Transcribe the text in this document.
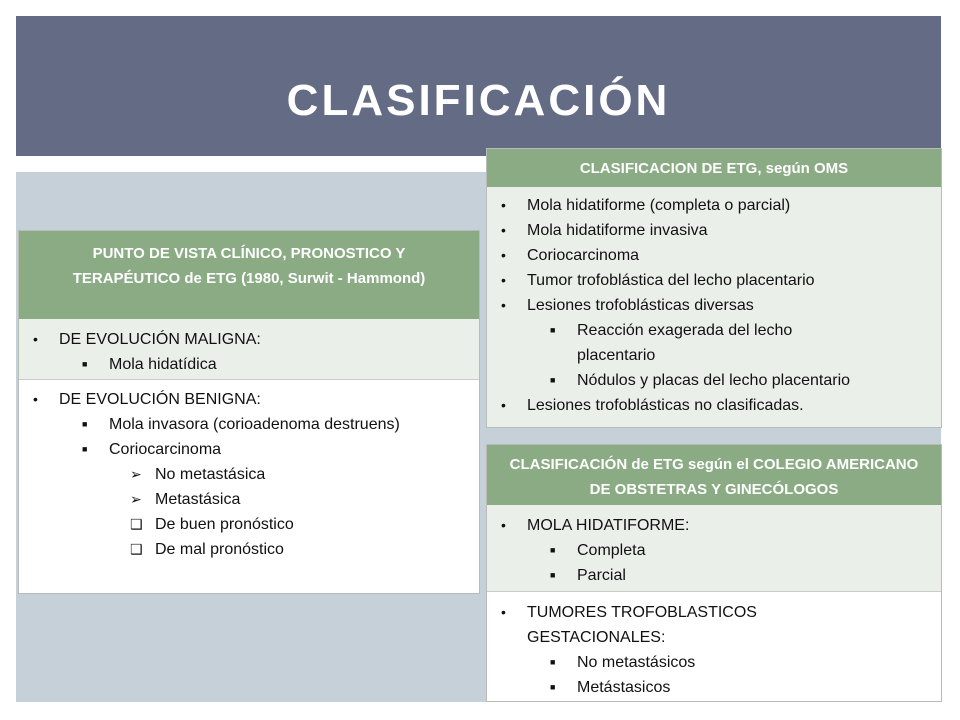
CLASIFICACIÓN
PUNTO DE VISTA CLÍNICO, PRONOSTICO Y TERAPÉUTICO de ETG (1980, Surwit - Hammond)
• DE EVOLUCIÓN MALIGNA:
■ Mola hidatídica
• DE EVOLUCIÓN BENIGNA:
■ Mola invasora (corioadenoma destruens)
■ Coriocarcinoma
➢ No metastásica
➢ Metastásica
❑ De buen pronóstico
❑ De mal pronóstico
CLASIFICACION DE ETG, según OMS
• Mola hidatiforme (completa o parcial)
• Mola hidatiforme invasiva
• Coriocarcinoma
• Tumor trofoblástica del lecho placentario
• Lesiones trofoblásticas diversas
■ Reacción exagerada del lecho placentario
■ Nódulos y placas del lecho placentario
• Lesiones trofoblásticas no clasificadas.
CLASIFICACIÓN de ETG según el COLEGIO AMERICANO DE OBSTETRAS Y GINECÓLOGOS
• MOLA HIDATIFORME:
■ Completa
■ Parcial
• TUMORES TROFOBLASTICOS GESTACIONALES:
■ No metastásicos
■ Metástasicos
